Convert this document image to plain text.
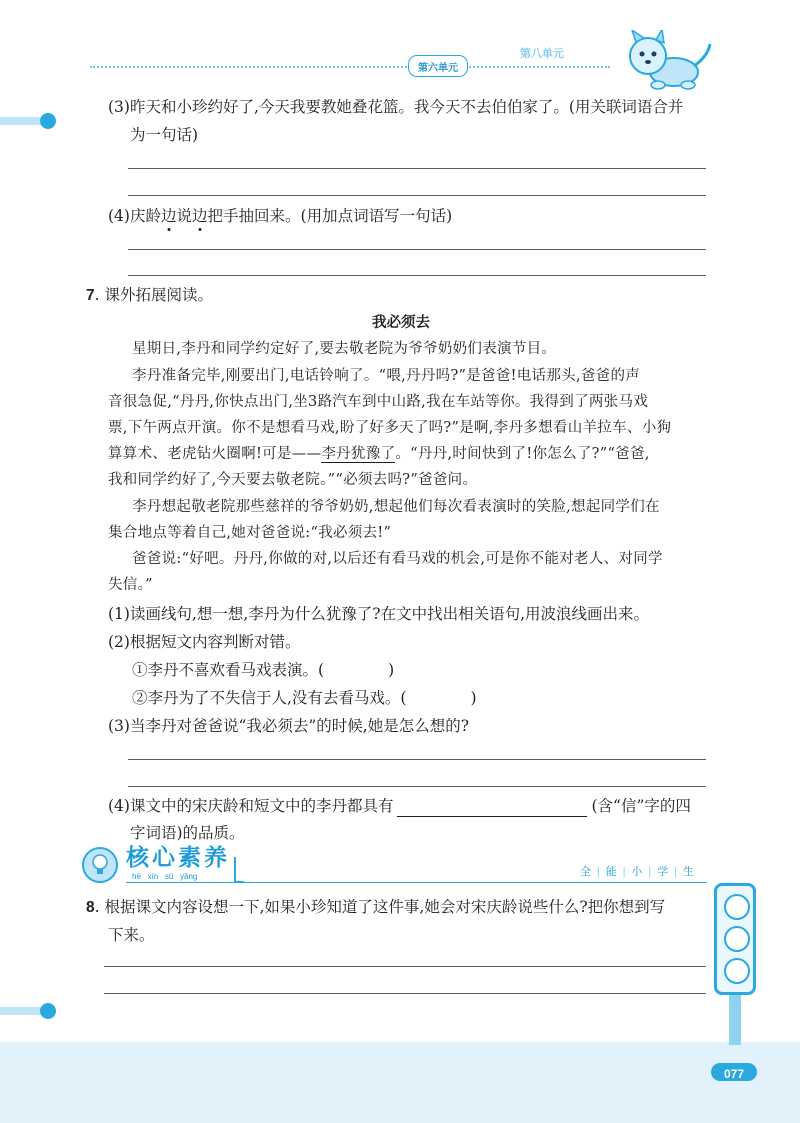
第六单元
第八单元
(3)昨天和小珍约好了,今天我要教她叠花篮。我今天不去伯伯家了。(用关联词语合并
为一句话)
(4)庆龄边说边把手抽回来。(用加点词语写一句话)
7. 课外拓展阅读。
我必须去
星期日,李丹和同学约定好了,要去敬老院为爷爷奶奶们表演节目。
李丹准备完毕,刚要出门,电话铃响了。“喂,丹丹吗?”是爸爸!电话那头,爸爸的声
音很急促,“丹丹,你快点出门,坐3路汽车到中山路,我在车站等你。我得到了两张马戏
票,下午两点开演。你不是想看马戏,盼了好多天了吗?”是啊,李丹多想看山羊拉车、小狗
算算术、老虎钻火圈啊!可是——李丹犹豫了。“丹丹,时间快到了!你怎么了?”“爸爸,
我和同学约好了,今天要去敬老院。”“必须去吗?”爸爸问。
李丹想起敬老院那些慈祥的爷爷奶奶,想起他们每次看表演时的笑脸,想起同学们在
集合地点等着自己,她对爸爸说:“我必须去!”
爸爸说:“好吧。丹丹,你做的对,以后还有看马戏的机会,可是你不能对老人、对同学
失信。”
(1)读画线句,想一想,李丹为什么犹豫了?在文中找出相关语句,用波浪线画出来。
(2)根据短文内容判断对错。
①李丹不喜欢看马戏表演。(	)
②李丹为了不失信于人,没有去看马戏。(	)
(3)当李丹对爸爸说“我必须去”的时候,她是怎么想的?
(4)课文中的宋庆龄和短文中的李丹都具有	(含“信”字的四
字词语)的品质。
核心素养
hé   xīn   sù   yǎng	全 | 能 | 小 | 学 | 生
8. 根据课文内容设想一下,如果小珍知道了这件事,她会对宋庆龄说些什么?把你想到写
下来。
077
